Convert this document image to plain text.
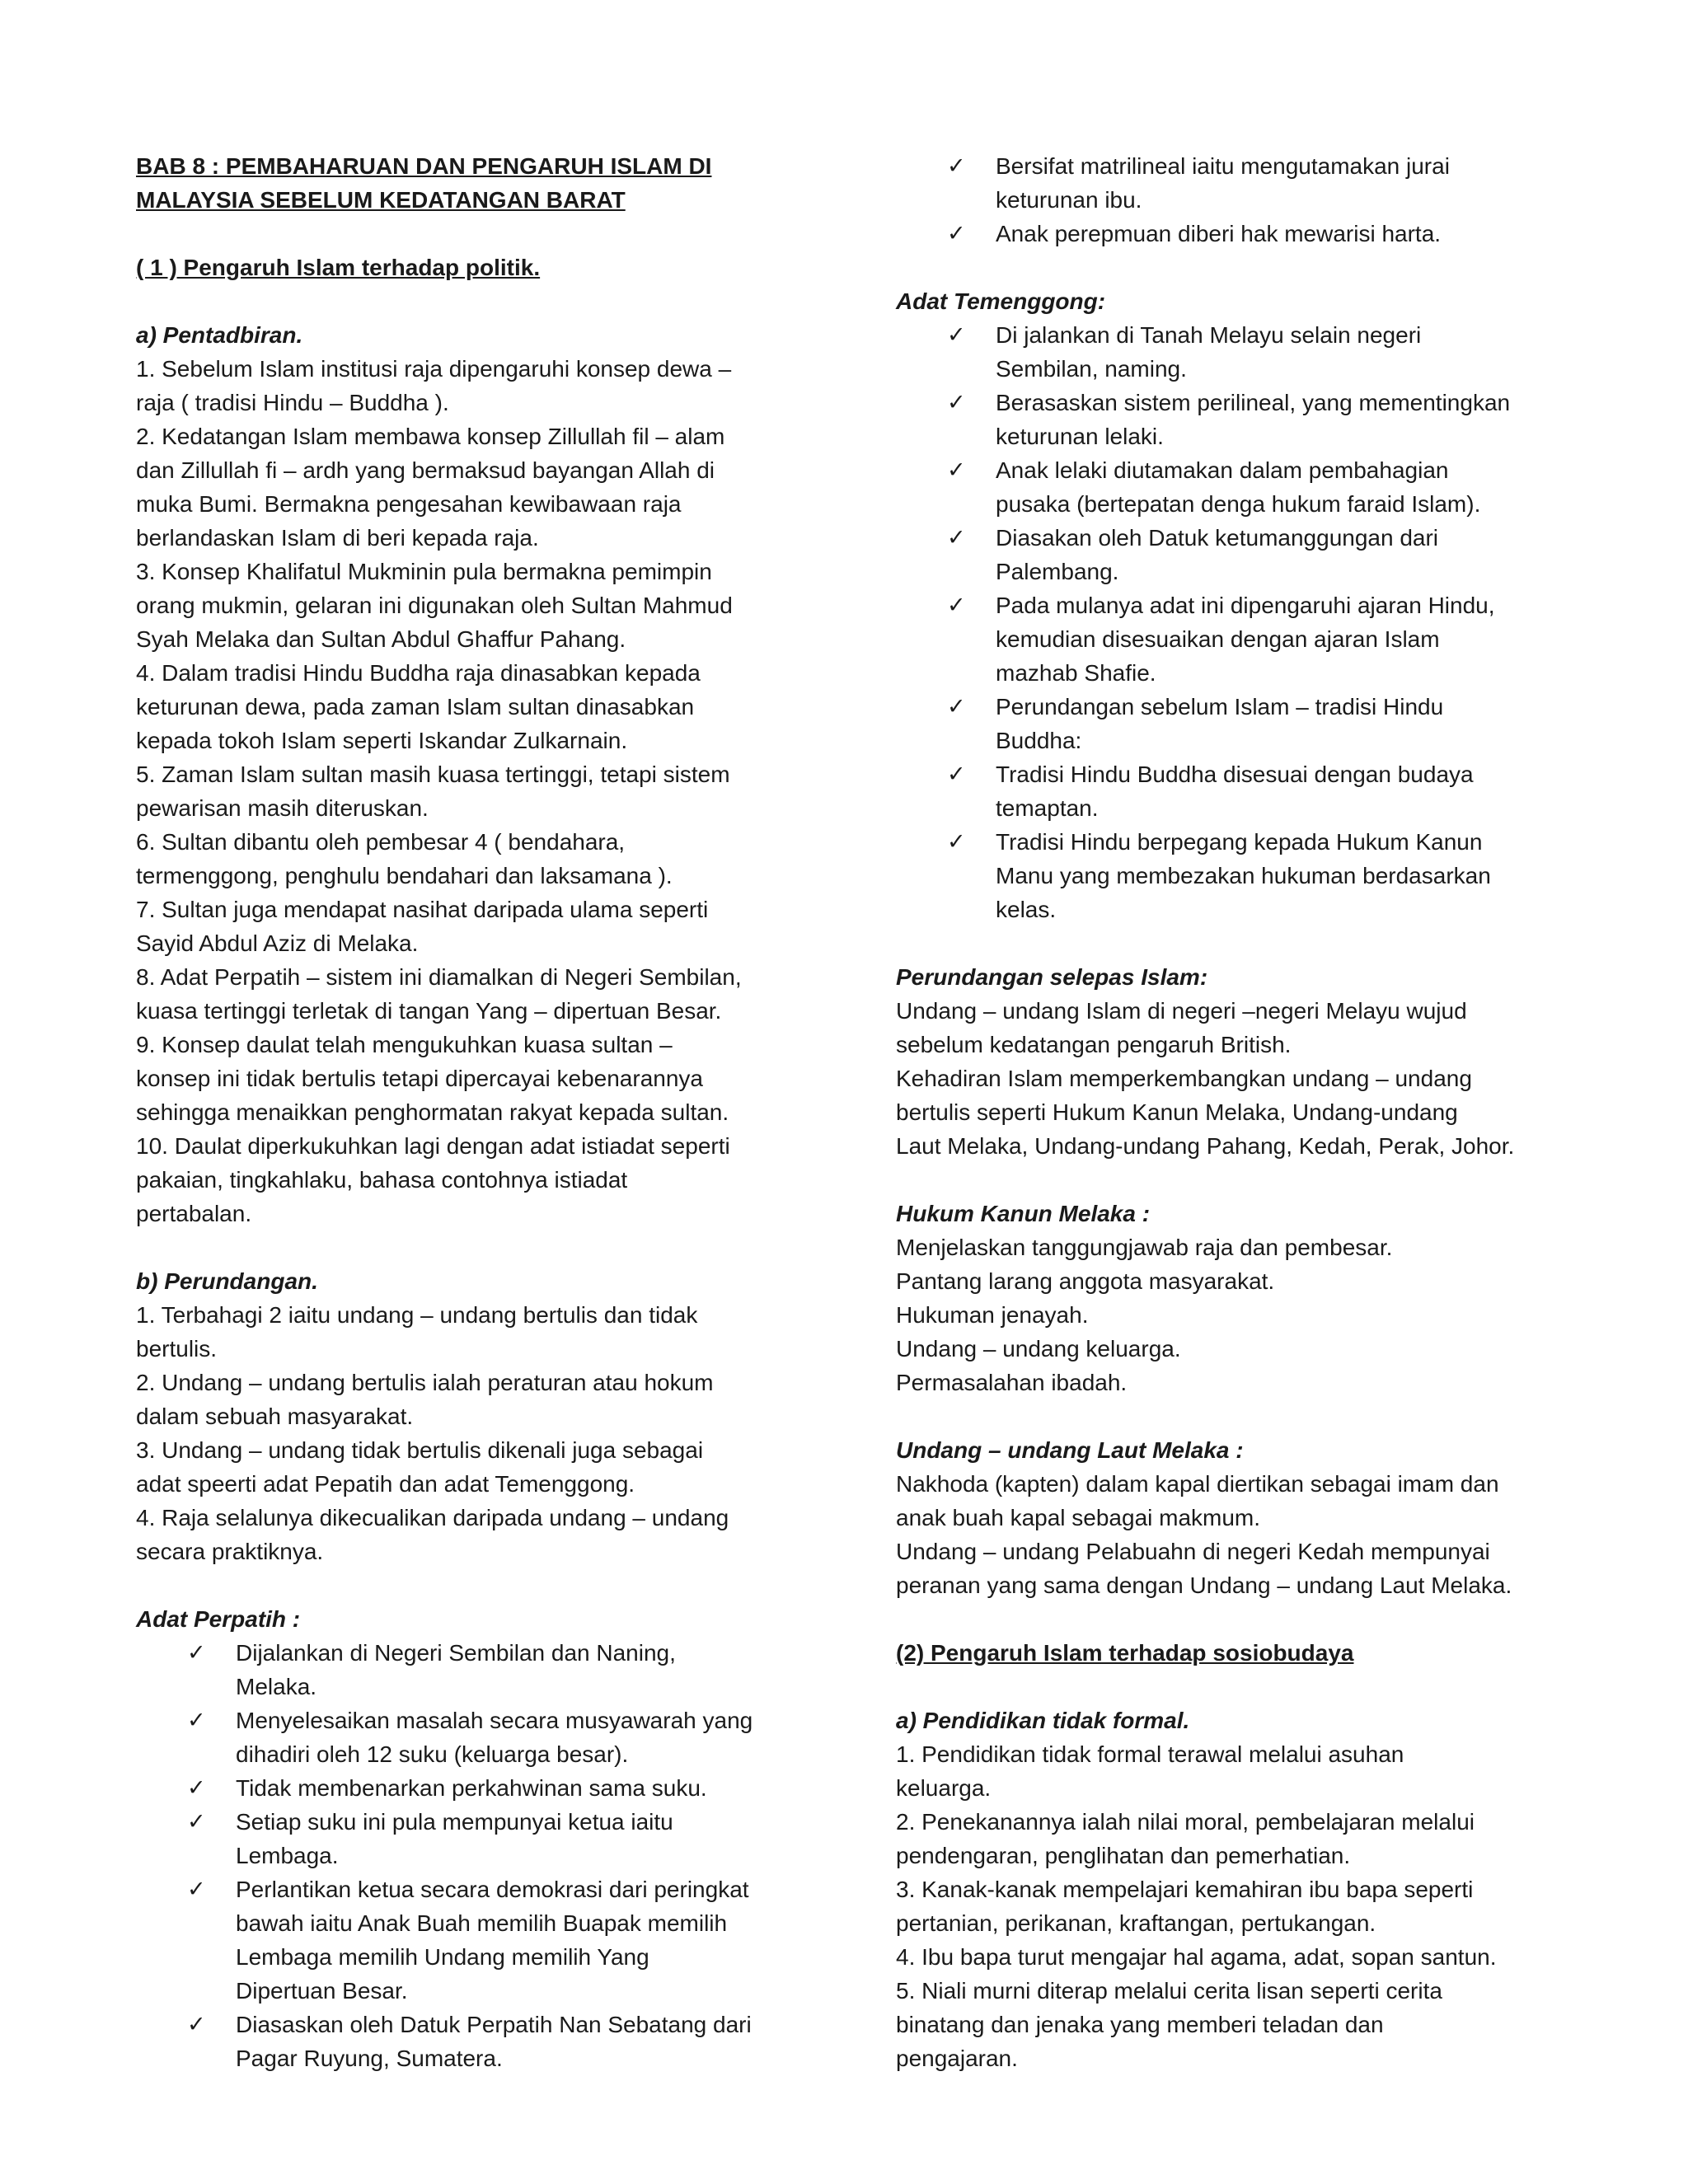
BAB 8 : PEMBAHARUAN DAN PENGARUH ISLAM DI

MALAYSIA SEBELUM KEDATANGAN BARAT

( 1 ) Pengaruh Islam terhadap politik.

a) Pentadbiran.

1. Sebelum Islam institusi raja dipengaruhi konsep dewa –

raja ( tradisi Hindu – Buddha ).

2. Kedatangan Islam membawa konsep Zillullah fil – alam

dan Zillullah fi – ardh yang bermaksud bayangan Allah di

muka Bumi. Bermakna pengesahan kewibawaan raja

berlandaskan Islam di beri kepada raja.

3. Konsep Khalifatul Mukminin pula bermakna pemimpin

orang mukmin, gelaran ini digunakan oleh Sultan Mahmud

Syah Melaka dan Sultan Abdul Ghaffur Pahang.

4. Dalam tradisi Hindu Buddha raja dinasabkan kepada

keturunan dewa, pada zaman Islam sultan dinasabkan

kepada tokoh Islam seperti Iskandar Zulkarnain.

5. Zaman Islam sultan masih kuasa tertinggi, tetapi sistem

pewarisan masih diteruskan.

6. Sultan dibantu oleh pembesar 4 ( bendahara,

termenggong, penghulu bendahari dan laksamana ).

7. Sultan juga mendapat nasihat daripada ulama seperti

Sayid Abdul Aziz di Melaka.

8. Adat Perpatih – sistem ini diamalkan di Negeri Sembilan,

kuasa tertinggi terletak di tangan Yang – dipertuan Besar.

9. Konsep daulat telah mengukuhkan kuasa sultan –

konsep ini tidak bertulis tetapi dipercayai kebenarannya

sehingga menaikkan penghormatan rakyat kepada sultan.

10. Daulat diperkukuhkan lagi dengan adat istiadat seperti

pakaian, tingkahlaku, bahasa contohnya istiadat

pertabalan.

b) Perundangan.

1. Terbahagi 2 iaitu undang – undang bertulis dan tidak

bertulis.

2. Undang – undang bertulis ialah peraturan atau hokum

dalam sebuah masyarakat.

3. Undang – undang tidak bertulis dikenali juga sebagai

adat speerti adat Pepatih dan adat Temenggong.

4. Raja selalunya dikecualikan daripada undang – undang

secara praktiknya.

Adat Perpatih :

✓ Dijalankan di Negeri Sembilan dan Naning,
Melaka.
✓ Menyelesaikan masalah secara musyawarah yang
dihadiri oleh 12 suku (keluarga besar).
✓ Tidak membenarkan perkahwinan sama suku.
✓ Setiap suku ini pula mempunyai ketua iaitu
Lembaga.
✓ Perlantikan ketua secara demokrasi dari peringkat
bawah iaitu Anak Buah memilih Buapak memilih
Lembaga memilih Undang memilih Yang
Dipertuan Besar.
✓ Diasaskan oleh Datuk Perpatih Nan Sebatang dari
Pagar Ruyung, Sumatera.
✓ Bersifat matrilineal iaitu mengutamakan jurai
keturunan ibu.
✓ Anak perepmuan diberi hak mewarisi harta.

Adat Temenggong:

✓ Di jalankan di Tanah Melayu selain negeri
Sembilan, naming.
✓ Berasaskan sistem perilineal, yang mementingkan
keturunan lelaki.
✓ Anak lelaki diutamakan dalam pembahagian
pusaka (bertepatan denga hukum faraid Islam).
✓ Diasakan oleh Datuk ketumanggungan dari
Palembang.
✓ Pada mulanya adat ini dipengaruhi ajaran Hindu,
kemudian disesuaikan dengan ajaran Islam
mazhab Shafie.
✓ Perundangan sebelum Islam – tradisi Hindu
Buddha:
✓ Tradisi Hindu Buddha disesuai dengan budaya
temaptan.
✓ Tradisi Hindu berpegang kepada Hukum Kanun
Manu yang membezakan hukuman berdasarkan
kelas.

Perundangan selepas Islam:

Undang – undang Islam di negeri –negeri Melayu wujud

sebelum kedatangan pengaruh British.

Kehadiran Islam memperkembangkan undang – undang

bertulis seperti Hukum Kanun Melaka, Undang-undang

Laut Melaka, Undang-undang Pahang, Kedah, Perak, Johor.

Hukum Kanun Melaka :

Menjelaskan tanggungjawab raja dan pembesar.

Pantang larang anggota masyarakat.

Hukuman jenayah.

Undang – undang keluarga.

Permasalahan ibadah.

Undang – undang Laut Melaka :

Nakhoda (kapten) dalam kapal diertikan sebagai imam dan

anak buah kapal sebagai makmum.

Undang – undang Pelabuahn di negeri Kedah mempunyai

peranan yang sama dengan Undang – undang Laut Melaka.

(2) Pengaruh Islam terhadap sosiobudaya

a) Pendidikan tidak formal.

1. Pendidikan tidak formal terawal melalui asuhan

keluarga.

2. Penekanannya ialah nilai moral, pembelajaran melalui

pendengaran, penglihatan dan pemerhatian.

3. Kanak-kanak mempelajari kemahiran ibu bapa seperti

pertanian, perikanan, kraftangan, pertukangan.

4. Ibu bapa turut mengajar hal agama, adat, sopan santun.

5. Niali murni diterap melalui cerita lisan seperti cerita

binatang dan jenaka yang memberi teladan dan

pengajaran.
